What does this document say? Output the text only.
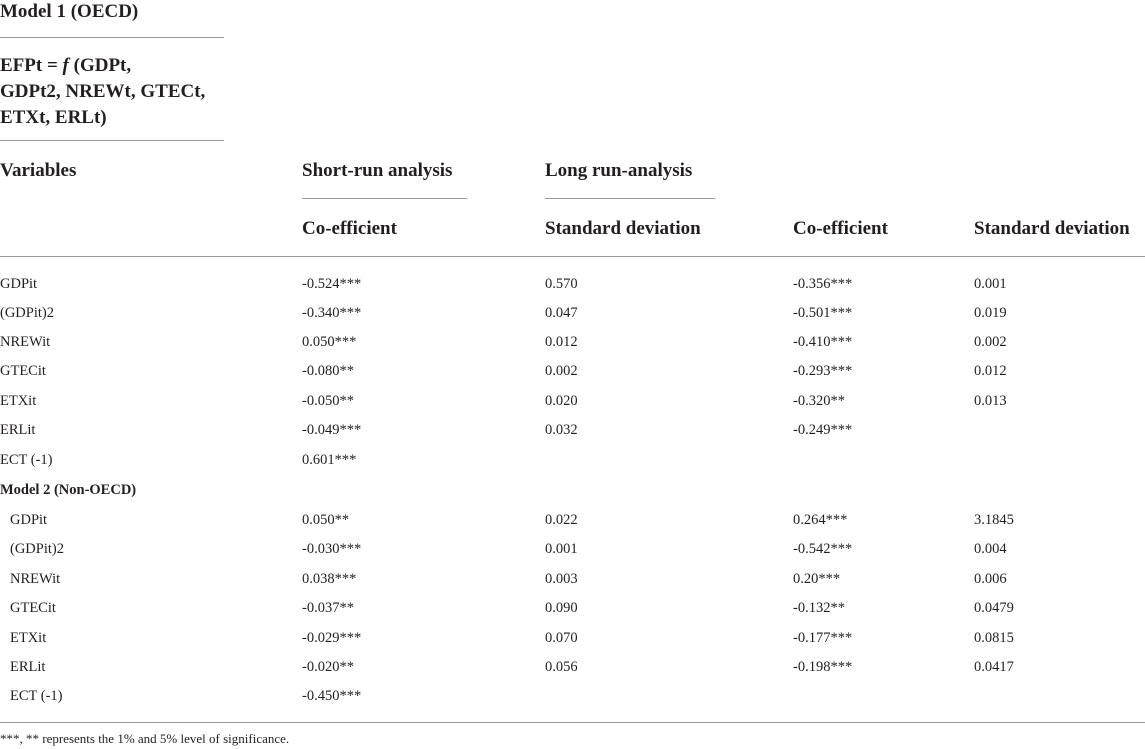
Model 1 (OECD)
EFPt = f (GDPt,
GDPt2, NREWt, GTECt,
ETXt, ERLt)
Variables	Short-run analysis	Long run-analysis
Co-efficient	Standard deviation	Co-efficient	Standard deviation
GDPit	-0.524***	0.570	-0.356***	0.001
(GDPit)2	-0.340***	0.047	-0.501***	0.019
NREWit	0.050***	0.012	-0.410***	0.002
GTECit	-0.080**	0.002	-0.293***	0.012
ETXit	-0.050**	0.020	-0.320**	0.013
ERLit	-0.049***	0.032	-0.249***
ECT (-1)	0.601***
Model 2 (Non-OECD)
GDPit	0.050**	0.022	0.264***	3.1845
(GDPit)2	-0.030***	0.001	-0.542***	0.004
NREWit	0.038***	0.003	0.20***	0.006
GTECit	-0.037**	0.090	-0.132**	0.0479
ETXit	-0.029***	0.070	-0.177***	0.0815
ERLit	-0.020**	0.056	-0.198***	0.0417
ECT (-1)	-0.450***
***, ** represents the 1% and 5% level of significance.
